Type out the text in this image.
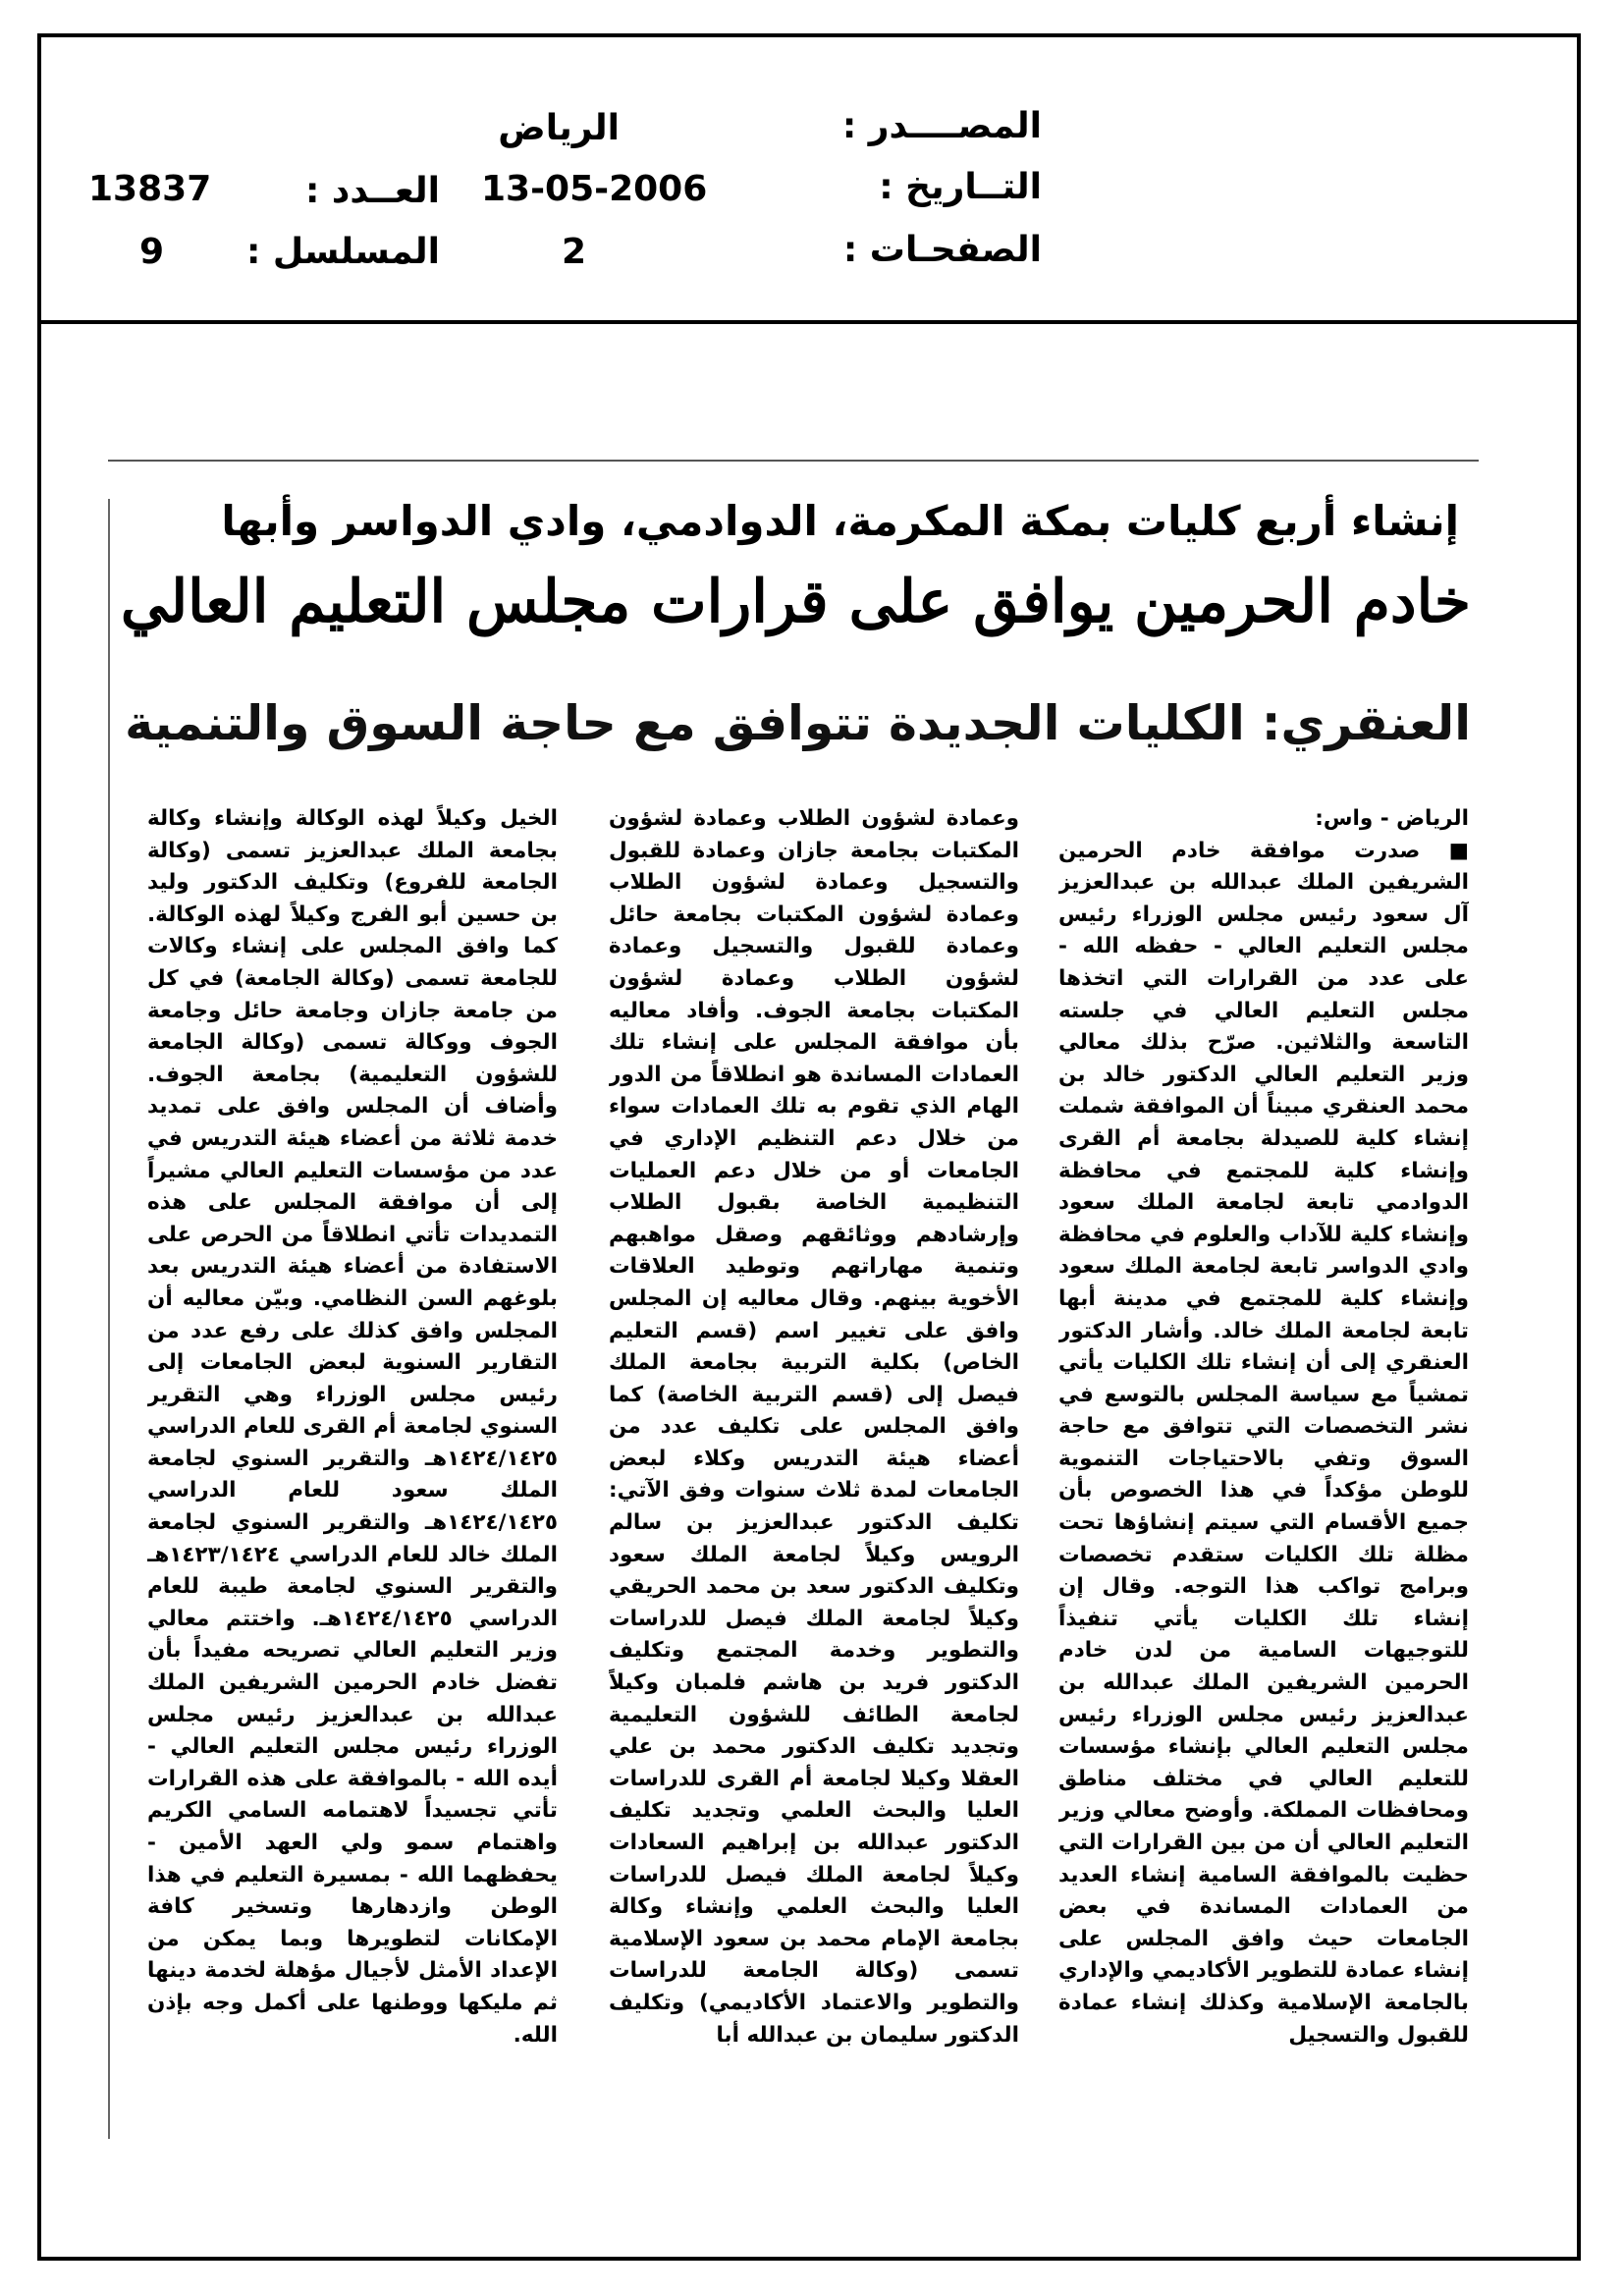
المصــــدر :
الرياض
التــاريخ :
13-05-2006
العــدد :
13837
الصفحـات :
2
المسلسل :
9
إنشاء أربع كليات بمكة المكرمة، الدوادمي، وادي الدواسر وأبها
خادم الحرمين يوافق على قرارات مجلس التعليم العالي
العنقري: الكليات الجديدة تتوافق مع حاجة السوق والتنمية

الرياض - واس:

■ صدرت موافقة خادم الحرمين الشريفين الملك عبدالله بن عبدالعزيز آل سعود رئيس مجلس الوزراء رئيس مجلس التعليم العالي - حفظه الله - على عدد من القرارات التي اتخذها مجلس التعليم العالي في جلسته التاسعة والثلاثين. صرّح بذلك معالي وزير التعليم العالي الدكتور خالد بن محمد العنقري مبيناً أن الموافقة شملت إنشاء كلية للصيدلة بجامعة أم القرى وإنشاء كلية للمجتمع في محافظة الدوادمي تابعة لجامعة الملك سعود وإنشاء كلية للآداب والعلوم في محافظة وادي الدواسر تابعة لجامعة الملك سعود وإنشاء كلية للمجتمع في مدينة أبها تابعة لجامعة الملك خالد. وأشار الدكتور العنقري إلى أن إنشاء تلك الكليات يأتي تمشياً مع سياسة المجلس بالتوسع في نشر التخصصات التي تتوافق مع حاجة السوق وتفي بالاحتياجات التنموية للوطن مؤكداً في هذا الخصوص بأن جميع الأقسام التي سيتم إنشاؤها تحت مظلة تلك الكليات ستقدم تخصصات وبرامج تواكب هذا التوجه. وقال إن إنشاء تلك الكليات يأتي تنفيذاً للتوجيهات السامية من لدن خادم الحرمين الشريفين الملك عبدالله بن عبدالعزيز رئيس مجلس الوزراء رئيس مجلس التعليم العالي بإنشاء مؤسسات للتعليم العالي في مختلف مناطق ومحافظات المملكة. وأوضح معالي وزير التعليم العالي أن من بين القرارات التي حظيت بالموافقة السامية إنشاء العديد من العمادات المساندة في بعض الجامعات حيث وافق المجلس على إنشاء عمادة للتطوير الأكاديمي والإداري بالجامعة الإسلامية وكذلك إنشاء عمادة للقبول والتسجيل

وعمادة لشؤون الطلاب وعمادة لشؤون المكتبات بجامعة جازان وعمادة للقبول والتسجيل وعمادة لشؤون الطلاب وعمادة لشؤون المكتبات بجامعة حائل وعمادة للقبول والتسجيل وعمادة لشؤون الطلاب وعمادة لشؤون المكتبات بجامعة الجوف. وأفاد معاليه بأن موافقة المجلس على إنشاء تلك العمادات المساندة هو انطلاقاً من الدور الهام الذي تقوم به تلك العمادات سواء من خلال دعم التنظيم الإداري في الجامعات أو من خلال دعم العمليات التنظيمية الخاصة بقبول الطلاب وإرشادهم ووثائقهم وصقل مواهبهم وتنمية مهاراتهم وتوطيد العلاقات الأخوية بينهم. وقال معاليه إن المجلس وافق على تغيير اسم (قسم التعليم الخاص) بكلية التربية بجامعة الملك فيصل إلى (قسم التربية الخاصة) كما وافق المجلس على تكليف عدد من أعضاء هيئة التدريس وكلاء لبعض الجامعات لمدة ثلاث سنوات وفق الآتي: تكليف الدكتور عبدالعزيز بن سالم الرويس وكيلاً لجامعة الملك سعود وتكليف الدكتور سعد بن محمد الحريقي وكيلاً لجامعة الملك فيصل للدراسات والتطوير وخدمة المجتمع وتكليف الدكتور فريد بن هاشم فلمبان وكيلاً لجامعة الطائف للشؤون التعليمية وتجديد تكليف الدكتور محمد بن علي العقلا وكيلا لجامعة أم القرى للدراسات العليا والبحث العلمي وتجديد تكليف الدكتور عبدالله بن إبراهيم السعادات وكيلاً لجامعة الملك فيصل للدراسات العليا والبحث العلمي وإنشاء وكالة بجامعة الإمام محمد بن سعود الإسلامية تسمى (وكالة الجامعة للدراسات والتطوير والاعتماد الأكاديمي) وتكليف الدكتور سليمان بن عبدالله أبا

الخيل وكيلاً لهذه الوكالة وإنشاء وكالة بجامعة الملك عبدالعزيز تسمى (وكالة الجامعة للفروع) وتكليف الدكتور وليد بن حسين أبو الفرج وكيلاً لهذه الوكالة. كما وافق المجلس على إنشاء وكالات للجامعة تسمى (وكالة الجامعة) في كل من جامعة جازان وجامعة حائل وجامعة الجوف ووكالة تسمى (وكالة الجامعة للشؤون التعليمية) بجامعة الجوف. وأضاف أن المجلس وافق على تمديد خدمة ثلاثة من أعضاء هيئة التدريس في عدد من مؤسسات التعليم العالي مشيراً إلى أن موافقة المجلس على هذه التمديدات تأتي انطلاقاً من الحرص على الاستفادة من أعضاء هيئة التدريس بعد بلوغهم السن النظامي. وبيّن معاليه أن المجلس وافق كذلك على رفع عدد من التقارير السنوية لبعض الجامعات إلى رئيس مجلس الوزراء وهي التقرير السنوي لجامعة أم القرى للعام الدراسي ١٤٢٤/١٤٢٥هـ والتقرير السنوي لجامعة الملك سعود للعام الدراسي ١٤٢٤/١٤٢٥هـ والتقرير السنوي لجامعة الملك خالد للعام الدراسي ١٤٢٣/١٤٢٤هـ والتقرير السنوي لجامعة طيبة للعام الدراسي ١٤٢٤/١٤٢٥هـ. واختتم معالي وزير التعليم العالي تصريحه مفيداً بأن تفضل خادم الحرمين الشريفين الملك عبدالله بن عبدالعزيز رئيس مجلس الوزراء رئيس مجلس التعليم العالي - أيده الله - بالموافقة على هذه القرارات تأتي تجسيداً لاهتمامه السامي الكريم واهتمام سمو ولي العهد الأمين - يحفظهما الله - بمسيرة التعليم في هذا الوطن وازدهارها وتسخير كافة الإمكانات لتطويرها وبما يمكن من الإعداد الأمثل لأجيال مؤهلة لخدمة دينها ثم مليكها ووطنها على أكمل وجه بإذن الله.
